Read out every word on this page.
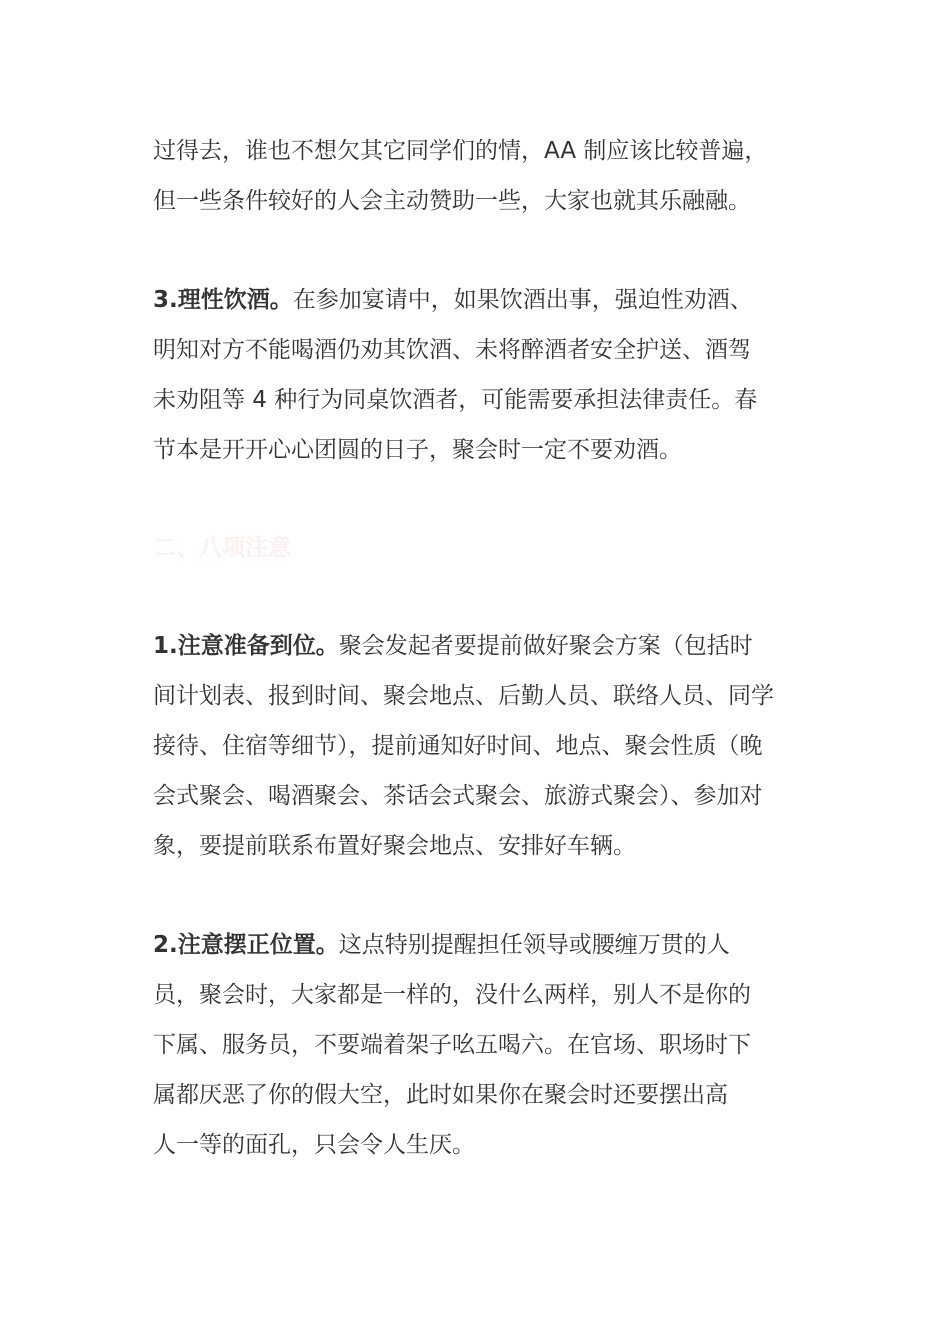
过得去，谁也不想欠其它同学们的情，AA 制应该比较普遍，
但一些条件较好的人会主动赞助一些，大家也就其乐融融。

3.理性饮酒。在参加宴请中，如果饮酒出事，强迫性劝酒、
明知对方不能喝酒仍劝其饮酒、未将醉酒者安全护送、酒驾
未劝阻等 4 种行为同桌饮酒者，可能需要承担法律责任。春
节本是开开心心团圆的日子，聚会时一定不要劝酒。

二、八项注意

1.注意准备到位。聚会发起者要提前做好聚会方案（包括时
间计划表、报到时间、聚会地点、后勤人员、联络人员、同学
接待、住宿等细节），提前通知好时间、地点、聚会性质（晚
会式聚会、喝酒聚会、茶话会式聚会、旅游式聚会）、参加对
象，要提前联系布置好聚会地点、安排好车辆。

2.注意摆正位置。这点特别提醒担任领导或腰缠万贯的人
员，聚会时，大家都是一样的，没什么两样，别人不是你的
下属、服务员，不要端着架子吆五喝六。在官场、职场时下
属都厌恶了你的假大空，此时如果你在聚会时还要摆出高
人一等的面孔，只会令人生厌。
